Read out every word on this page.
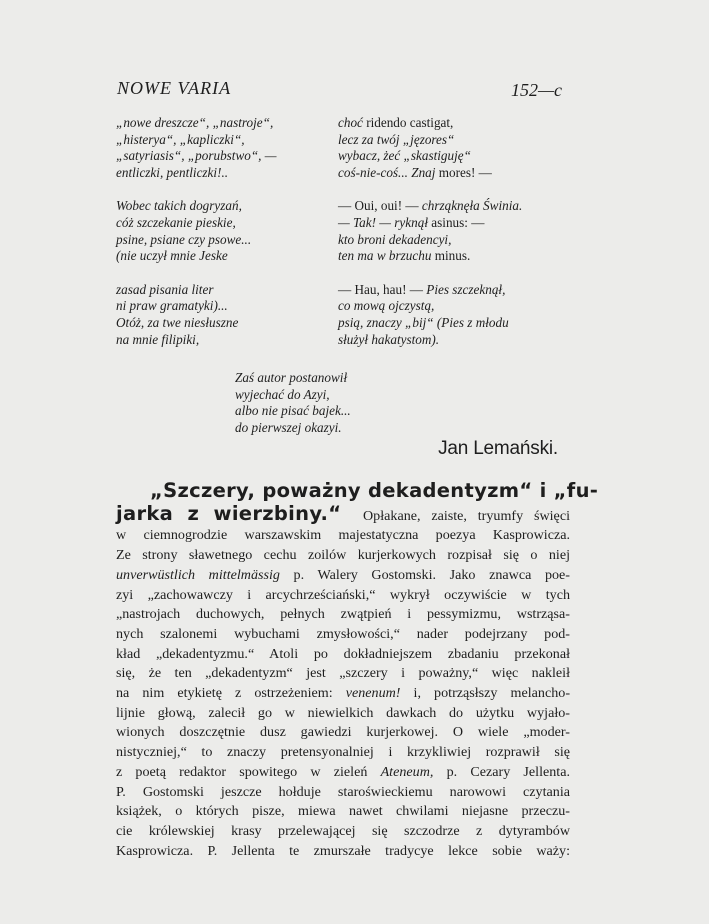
NOWE VARIA	152—c
„nowe dreszcze“, „nastroje“,
„histerya“, „kapliczki“,
„satyriasis“, „porubstwo“, —
entliczki, pentliczki!..
Wobec takich dogryzań,
cóż szczekanie pieskie,
psine, psiane czy psowe...
(nie uczył mnie Jeske
zasad pisania liter
ni praw gramatyki)...
Otóż, za twe niesłuszne
na mnie filipiki,
choć ridendo castigat,
lecz za twój „jęzores“
wybacz, żeć „skastiguję“
coś-nie-coś... Znaj mores! —
— Oui, oui! — chrząknęła Świnia.
— Tak! — ryknął asinus: —
kto broni dekadencyi,
ten ma w brzuchu minus.
— Hau, hau! — Pies szczeknął,
co mową ojczystą,
psią, znaczy „bij“ (Pies z młodu
służył hakatystom).
Zaś autor postanowił
wyjechać do Azyi,
albo nie pisać bajek...
do pierwszej okazyi.
Jan Lemański.
„Szczery, poważny dekadentyzm“ i „fu-
jarka z wierzbiny.“ Opłakane, zaiste, tryumfy święci
w ciemnogrodzie warszawskim majestatyczna poezya Kasprowicza.
Ze strony sławetnego cechu zoilów kurjerkowych rozpisał się o niej
unverwüstlich mittelmässig p. Walery Gostomski. Jako znawca poe-
zyi „zachowawczy i arcychrześciański,“ wykrył oczywiście w tych
„nastrojach duchowych, pełnych zwątpień i pessymizmu, wstrząsa-
nych szalonemi wybuchami zmysłowości,“ nader podejrzany pod-
kład „dekadentyzmu.“ Atoli po dokładniejszem zbadaniu przekonał
się, że ten „dekadentyzm“ jest „szczery i poważny,“ więc nakleił
na nim etykietę z ostrzeżeniem: venenum! i, potrząsłszy melancho-
lijnie głową, zalecił go w niewielkich dawkach do użytku wyjało-
wionych doszczętnie dusz gawiedzi kurjerkowej. O wiele „moder-
nistyczniej,“ to znaczy pretensyonalniej i krzykliwiej rozprawił się
z poetą redaktor spowitego w zieleń Ateneum, p. Cezary Jellenta.
P. Gostomski jeszcze hołduje staroświeckiemu narowowi czytania
książek, o których pisze, miewa nawet chwilami niejasne przeczu-
cie królewskiej krasy przelewającej się szczodrze z dytyrambów
Kasprowicza. P. Jellenta te zmurszałe tradycye lekce sobie waży:
